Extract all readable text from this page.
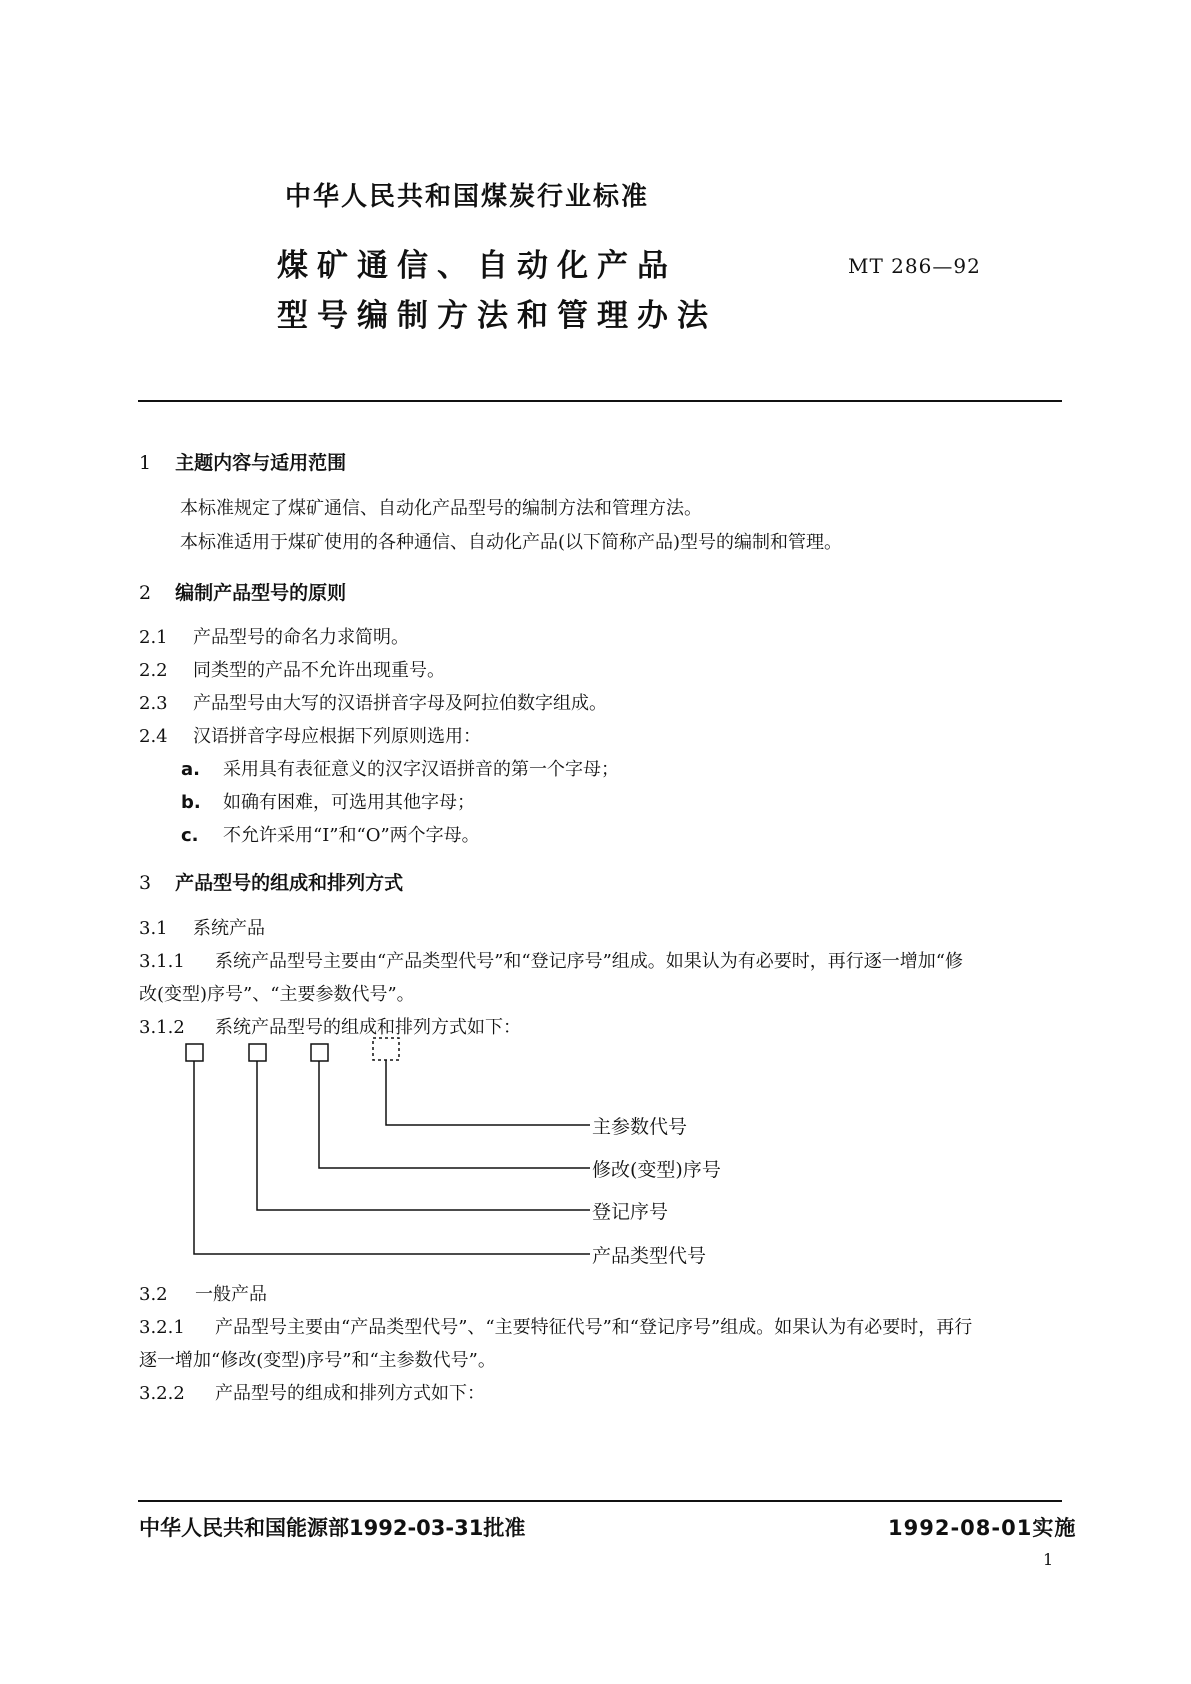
中华人民共和国煤炭行业标准
煤矿通信、自动化产品
型号编制方法和管理办法
MT 286—92
1 主题内容与适用范围
本标准规定了煤矿通信、自动化产品型号的编制方法和管理方法。
本标准适用于煤矿使用的各种通信、自动化产品(以下简称产品)型号的编制和管理。
2 编制产品型号的原则
2.1 产品型号的命名力求简明。
2.2 同类型的产品不允许出现重号。
2.3 产品型号由大写的汉语拼音字母及阿拉伯数字组成。
2.4 汉语拼音字母应根据下列原则选用：
a. 采用具有表征意义的汉字汉语拼音的第一个字母；
b. 如确有困难，可选用其他字母；
c. 不允许采用“I”和“O”两个字母。
3 产品型号的组成和排列方式
3.1 系统产品
3.1.1 系统产品型号主要由“产品类型代号”和“登记序号”组成。如果认为有必要时，再行逐一增加“修
改(变型)序号”、“主要参数代号”。
3.1.2 系统产品型号的组成和排列方式如下：
主参数代号
修改(变型)序号
登记序号
产品类型代号
3.2 一般产品
3.2.1 产品型号主要由“产品类型代号”、“主要特征代号”和“登记序号”组成。如果认为有必要时，再行
逐一增加“修改(变型)序号”和“主参数代号”。
3.2.2 产品型号的组成和排列方式如下：
中华人民共和国能源部1992-03-31批准	1992-08-01实施
1
